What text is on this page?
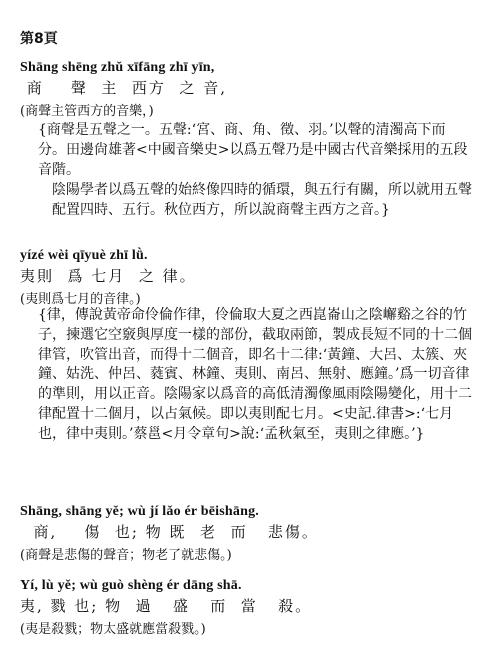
第8頁
Shāng shēng zhǔ xīfāng zhī yīn,
商    聲  主  西方  之 音,
(商聲主管西方的音樂，)

{商聲是五聲之一。五聲:‘宮、商、角、徵、羽。’以聲的清濁高下而分。田邊尙雄著<中國音樂史>以爲五聲乃是中國古代音樂採用的五段音階。

陰陽學者以爲五聲的始終像四時的循環，與五行有關，所以就用五聲配置四時、五行。秋位西方，所以說商聲主西方之音。}

yízé wèi qīyuè zhī lǜ.
夷則  爲 七月  之 律。
(夷則爲七月的音律。)

{律，傳說黃帝命伶倫作律，伶倫取大夏之西崑崙山之陰嶰谿之谷的竹子，揀選它空竅與厚度一樣的部份，截取兩節，製成長短不同的十二個律管，吹管出音，而得十二個音，即名十二律:‘黃鐘、大呂、太簇、夾鐘、姑洗、仲呂、蕤賓、林鐘、夷則、南呂、無射、應鐘。’爲一切音律的準則，用以正音。陰陽家以爲音的高低清濁像風雨陰陽變化，用十二律配置十二個月，以占氣候。即以夷則配七月。<史記.律書>:‘七月也，律中夷則。’蔡邕<月令章句>說:‘孟秋氣至，夷則之律應。’}

Shāng, shāng yě; wù jí lǎo ér bēishāng.
商,    傷  也; 物 既  老  而   悲傷。
(商聲是悲傷的聲音；物老了就悲傷。)
Yí, lù yě; wù guò shèng ér dāng shā.
夷, 戮 也; 物  過   盛   而  當   殺。
(夷是殺戮；物太盛就應當殺戮。)
